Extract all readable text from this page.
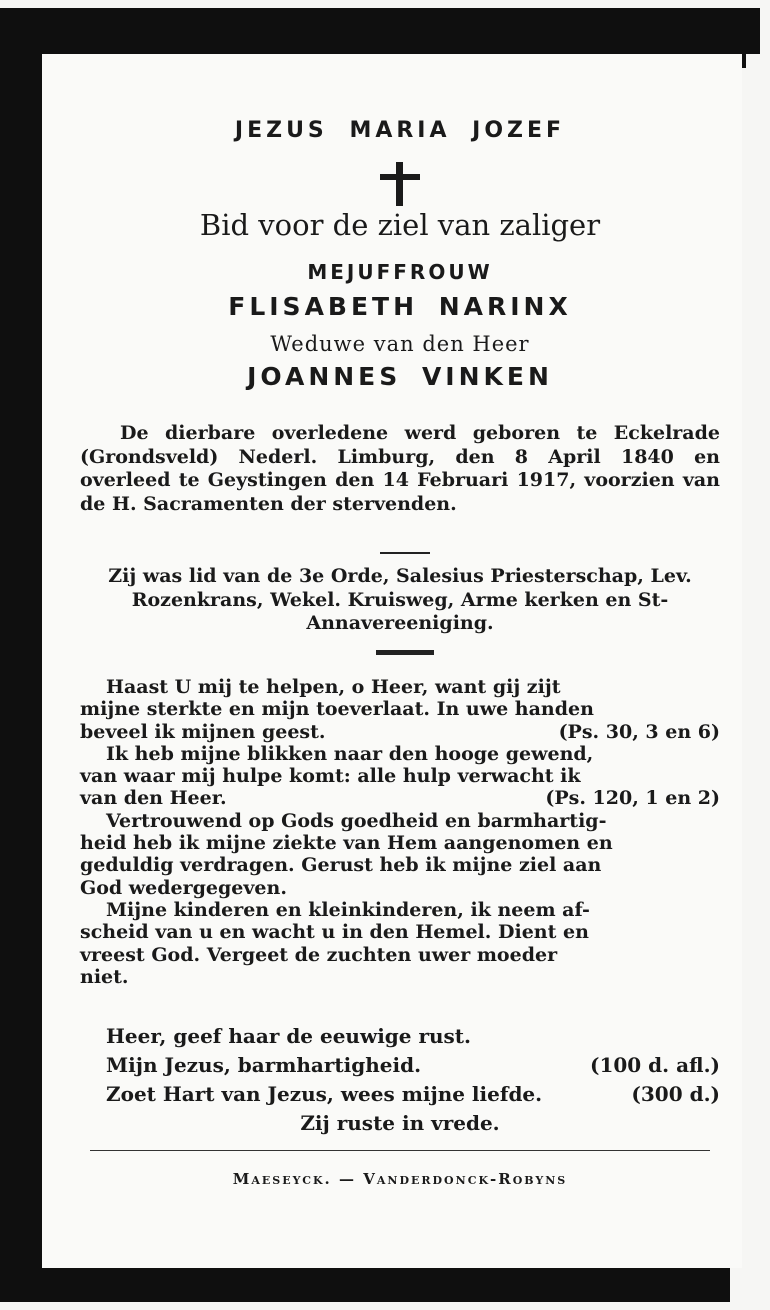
JEZUS MARIA JOZEF
Bid voor de ziel van zaliger
MEJUFFROUW
FLISABETH NARINX
Weduwe van den Heer
JOANNES VINKEN
De dierbare overledene werd geboren te Eckelrade (Grondsveld) Nederl. Limburg, den 8 April 1840 en overleed te Geystingen den 14 Februari 1917, voorzien van de H. Sacramenten der stervenden.
Zij was lid van de 3e Orde, Salesius Priesterschap, Lev. Rozenkrans, Wekel. Kruisweg, Arme kerken en St-Annavereeniging.
Haast U mij te helpen, o Heer, want gij zijt
mijne sterkte en mijn toeverlaat. In uwe handen
beveel ik mijnen geest.	(Ps. 30, 3 en 6)
Ik heb mijne blikken naar den hooge gewend,
van waar mij hulpe komt: alle hulp verwacht ik
van den Heer.	(Ps. 120, 1 en 2)
Vertrouwend op Gods goedheid en barmhartig-
heid heb ik mijne ziekte van Hem aangenomen en
geduldig verdragen. Gerust heb ik mijne ziel aan
God wedergegeven.
Mijne kinderen en kleinkinderen, ik neem af-
scheid van u en wacht u in den Hemel. Dient en
vreest God. Vergeet de zuchten uwer moeder
niet.
Heer, geef haar de eeuwige rust.
Mijn Jezus, barmhartigheid.	(100 d. afl.)
Zoet Hart van Jezus, wees mijne liefde.	(300 d.)
Zij ruste in vrede.
Maeseyck. — Vanderdonck-Robyns
